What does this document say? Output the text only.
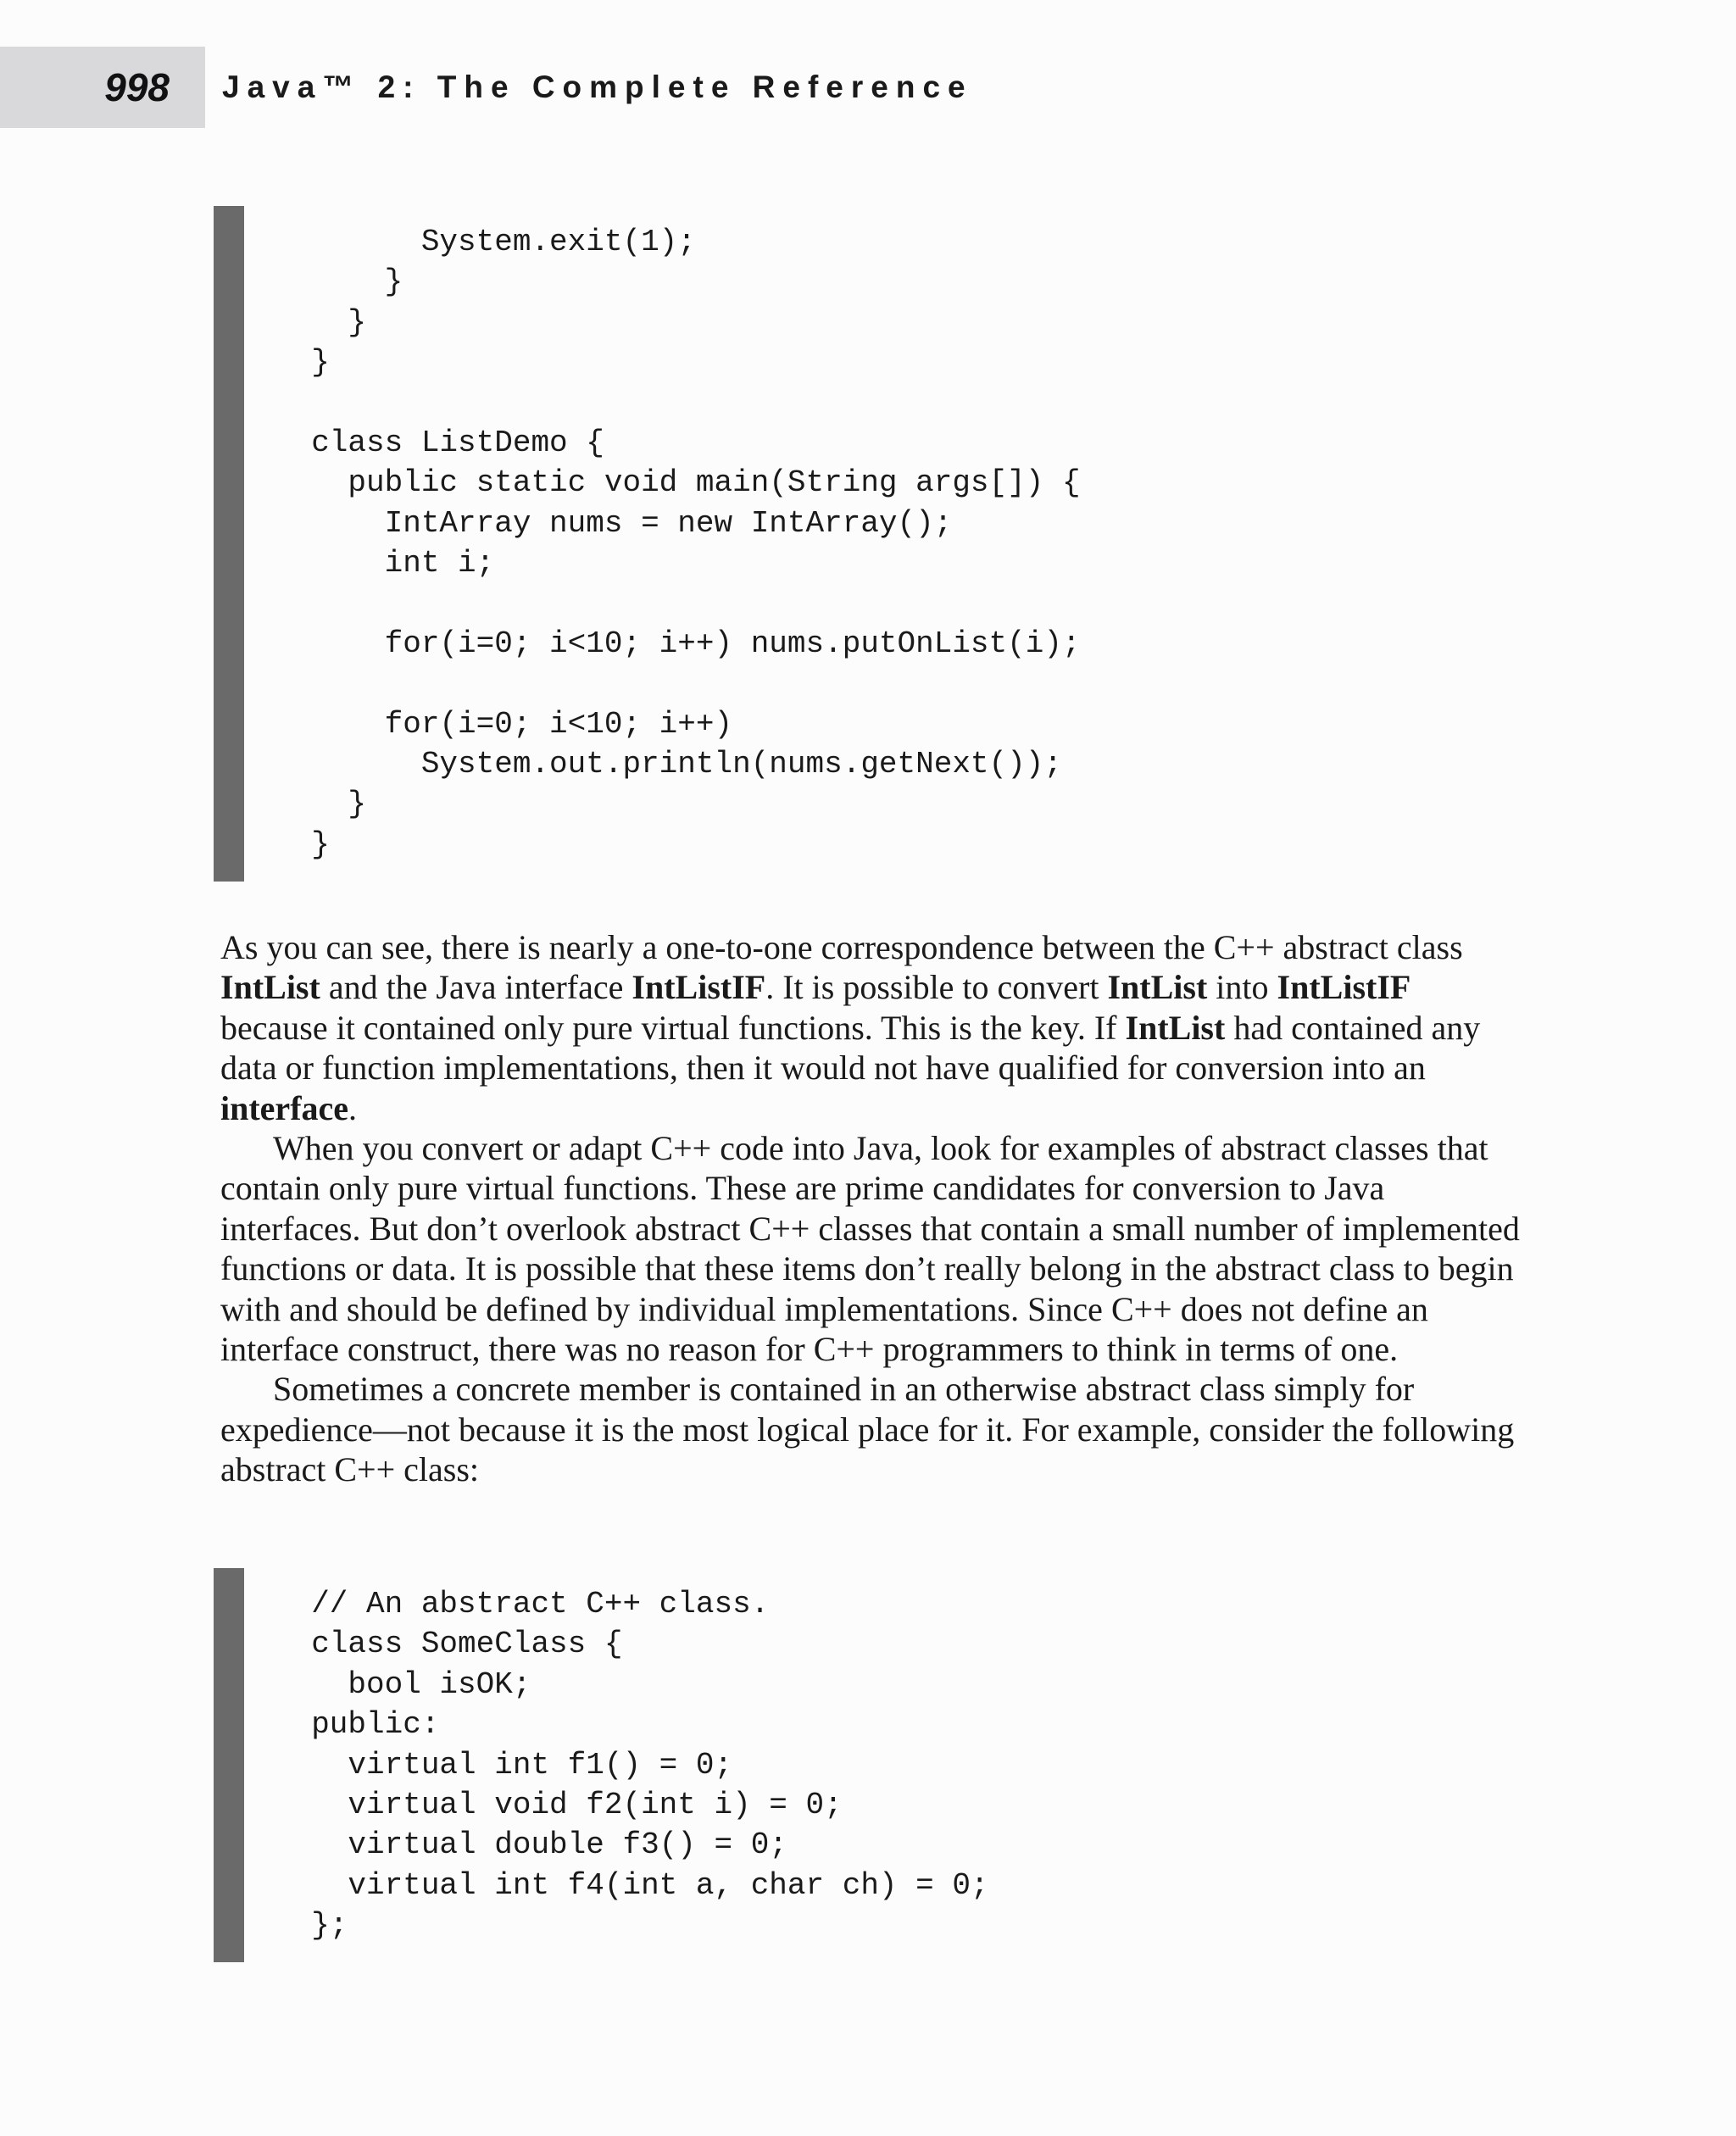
998 Java™ 2: The Complete Reference
System.exit(1);
}
}
}
class ListDemo {
public static void main(String args[]) {
IntArray nums = new IntArray();
int i;
for(i=0; i<10; i++) nums.putOnList(i);
for(i=0; i<10; i++)
System.out.println(nums.getNext());
}
}

As you can see, there is nearly a one-to-one correspondence between the C++ abstract class IntList and the Java interface IntListIF. It is possible to convert IntList into IntListIF because it contained only pure virtual functions. This is the key. If IntList had contained any data or function implementations, then it would not have qualified for conversion into an interface.

When you convert or adapt C++ code into Java, look for examples of abstract classes that contain only pure virtual functions. These are prime candidates for conversion to Java interfaces. But don’t overlook abstract C++ classes that contain a small number of implemented functions or data. It is possible that these items don’t really belong in the abstract class to begin with and should be defined by individual implementations. Since C++ does not define an interface construct, there was no reason for C++ programmers to think in terms of one.

Sometimes a concrete member is contained in an otherwise abstract class simply for expedience—not because it is the most logical place for it. For example, consider the following abstract C++ class:

// An abstract C++ class.
class SomeClass {
bool isOK;
public:
virtual int f1() = 0;
virtual void f2(int i) = 0;
virtual double f3() = 0;
virtual int f4(int a, char ch) = 0;
};
